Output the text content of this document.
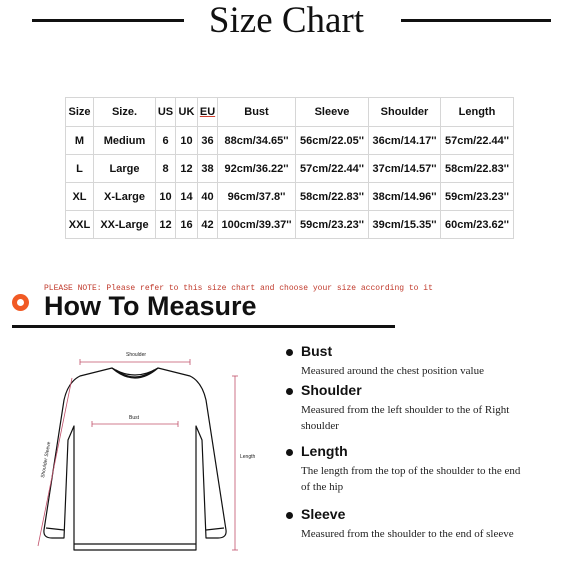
Size Chart
Size	Size.	US	UK	EU	Bust	Sleeve	Shoulder	Length
M	Medium	6	10	36	88cm/34.65''	56cm/22.05''	36cm/14.17''	57cm/22.44''
L	Large	8	12	38	92cm/36.22''	57cm/22.44''	37cm/14.57''	58cm/22.83''
XL	X-Large	10	14	40	96cm/37.8''	58cm/22.83''	38cm/14.96''	59cm/23.23''
XXL	XX-Large	12	16	42	100cm/39.37''	59cm/23.23''	39cm/15.35''	60cm/23.62''
PLEASE NOTE: Please refer to this size chart and choose your size according to it
How To Measure
Shoulder
Bust
Length
Shoulder Sleeve
Bust
Measured around the chest position value
Shoulder
Measured from the left shoulder to the of Right shoulder
Length
The length from the top of the shoulder to the end of the hip
Sleeve
Measured from the shoulder to the end of sleeve
